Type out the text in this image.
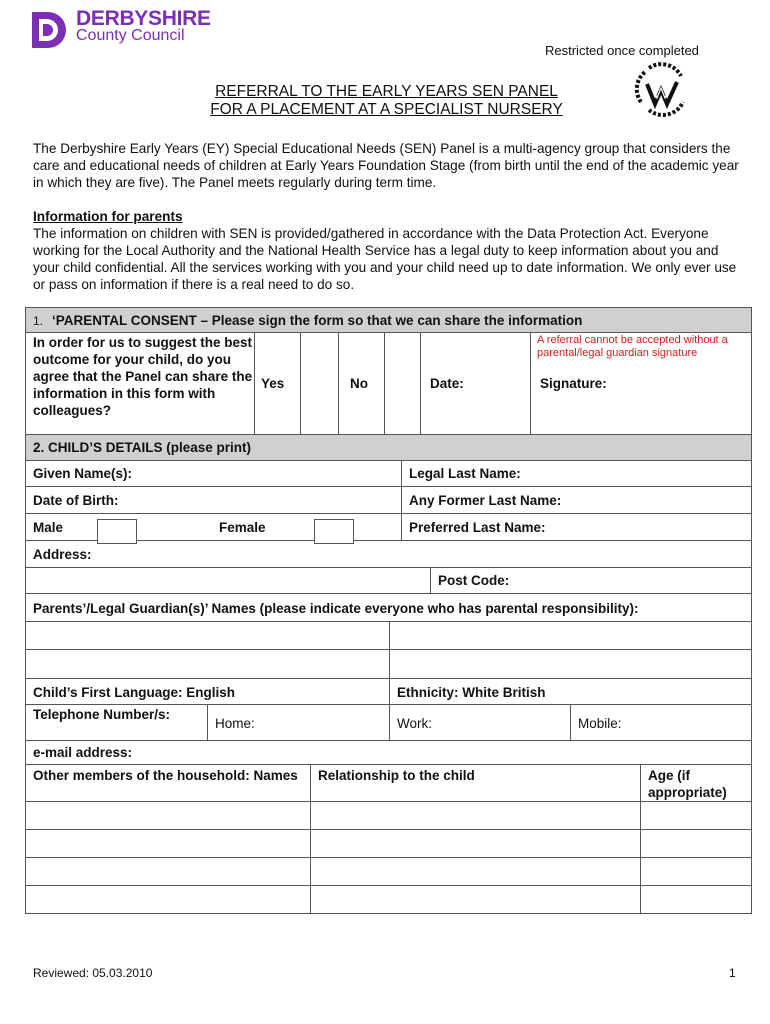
DERBYSHIRE
County Council
Restricted once completed
REFERRAL TO THE EARLY YEARS SEN PANEL
FOR A PLACEMENT AT A SPECIALIST NURSERY
The Derbyshire Early Years (EY) Special Educational Needs (SEN) Panel is a multi-agency group that considers the care and educational needs of children at Early Years Foundation Stage (from birth until the end of the academic year in which they are five). The Panel meets regularly during term time.
Information for parents
The information on children with SEN is provided/gathered in accordance with the Data Protection Act. Everyone working for the Local Authority and the National Health Service has a legal duty to keep information about you and your child confidential. All the services working with you and your child need up to date information. We only ever use or pass on information if there is a real need to do so.
1. ‘PARENTAL CONSENT – Please sign the form so that we can share the information
In order for us to suggest the best outcome for your child, do you agree that the Panel can share the information in this form with colleagues?
Yes	No	Date:
A referral cannot be accepted without a parental/legal guardian signature
Signature:
2. CHILD’S DETAILS (please print)
Given Name(s):	Legal Last Name:
Date of Birth:	Any Former Last Name:
Male	Female	Preferred Last Name:
Address:
Post Code:
Parents’/Legal Guardian(s)’ Names (please indicate everyone who has parental responsibility):
Child’s First Language: English	Ethnicity: White British
Telephone Number/s:
Home:	Work:	Mobile:
e-mail address:
Other members of the household: Names	Relationship to the child	Age (if appropriate)
Reviewed: 05.03.2010	1
